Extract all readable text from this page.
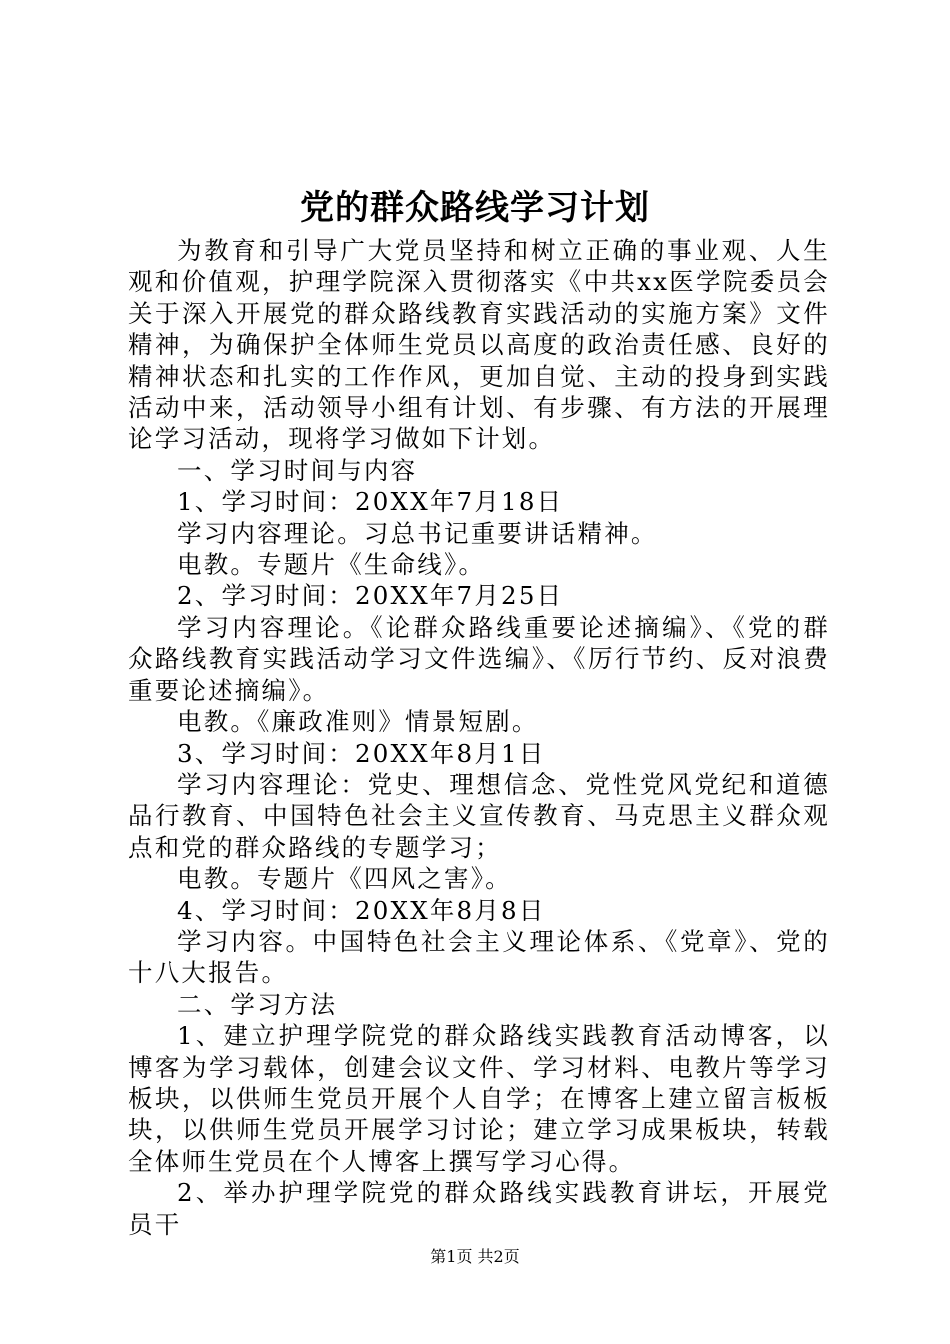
党的群众路线学习计划

为教育和引导广大党员坚持和树立正确的事业观、人生观和价值观，护理学院深入贯彻落实《中共xx医学院委员会关于深入开展党的群众路线教育实践活动的实施方案》文件精神，为确保护全体师生党员以高度的政治责任感、良好的精神状态和扎实的工作作风，更加自觉、主动的投身到实践活动中来，活动领导小组有计划、有步骤、有方法的开展理论学习活动，现将学习做如下计划。

一、学习时间与内容

1、学习时间：20XX年7月18日

学习内容理论。习总书记重要讲话精神。

电教。专题片《生命线》。

2、学习时间：20XX年7月25日

学习内容理论。《论群众路线重要论述摘编》、《党的群众路线教育实践活动学习文件选编》、《厉行节约、反对浪费重要论述摘编》。

电教。《廉政准则》情景短剧。

3、学习时间：20XX年8月1日

学习内容理论：党史、理想信念、党性党风党纪和道德品行教育、中国特色社会主义宣传教育、马克思主义群众观点和党的群众路线的专题学习；

电教。专题片《四风之害》。

4、学习时间：20XX年8月8日

学习内容。中国特色社会主义理论体系、《党章》、党的十八大报告。

二、学习方法

1、建立护理学院党的群众路线实践教育活动博客，以博客为学习载体，创建会议文件、学习材料、电教片等学习板块，以供师生党员开展个人自学；在博客上建立留言板板块，以供师生党员开展学习讨论；建立学习成果板块，转载全体师生党员在个人博客上撰写学习心得。

2、举办护理学院党的群众路线实践教育讲坛，开展党员干

第1页 共2页
